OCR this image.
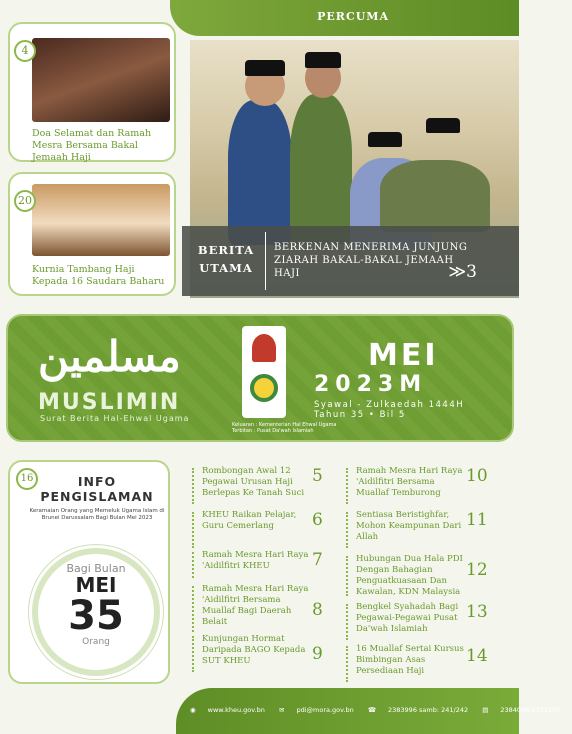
PERCUMA
4
Doa Selamat dan Ramah Mesra Bersama Bakal Jemaah Haji
20
Kurnia Tambang Haji Kepada 16 Saudara Baharu
BERITA
UTAMA
BERKENAN MENERIMA JUNJUNG ZIARAH BAKAL-BAKAL JEMAAH HAJI	≫3
مسلمين
MUSLIMIN
Surat Berita Hal-Ehwal Ugama
Keluaran : Kementerian Hal Ehwal Ugama Terbitan : Pusat Da'wah Islamiah
MEI
2023M
Syawal - Zulkaedah 1444H
Tahun 35 • Bil 5
16	INFO PENGISLAMAN
Keramaian Orang yang Memeluk Ugama Islam di Brunei Darussalam Bagi Bulan Mei 2023
Bagi Bulan
MEI
35
Orang
Rombongan Awal 12 Pegawai Urusan Haji Berlepas Ke Tanah Suci
5
KHEU Raikan Pelajar, Guru Cemerlang	6
Ramah Mesra Hari Raya 'Aidilfitri KHEU	7
Ramah Mesra Hari Raya 'Aidilfitri Bersama Muallaf Bagi Daerah Belait
8
Kunjungan Hormat Daripada BAGO Kepada SUT KHEU	9
Ramah Mesra Hari Raya 'Aidilfitri Bersama Muallaf Temburong
10
Sentiasa Beristighfar, Mohon Keampunan Dari Allah
11
Hubungan Dua Hala PDI Dengan Bahagian Penguatkuasaan Dan Kawalan, KDN Malaysia
12
Bengkel Syahadah Bagi Pegawai-Pegawai Pusat Da'wah Islamiah
13
16 Muallaf Sertai Kursus Bimbingan Asas Persediaan Haji
14
◉ www.kheu.gov.bn ✉ pdi@mora.gov.bn ☎ 2383996 samb: 241/242 ▤ 2384008/2381295
